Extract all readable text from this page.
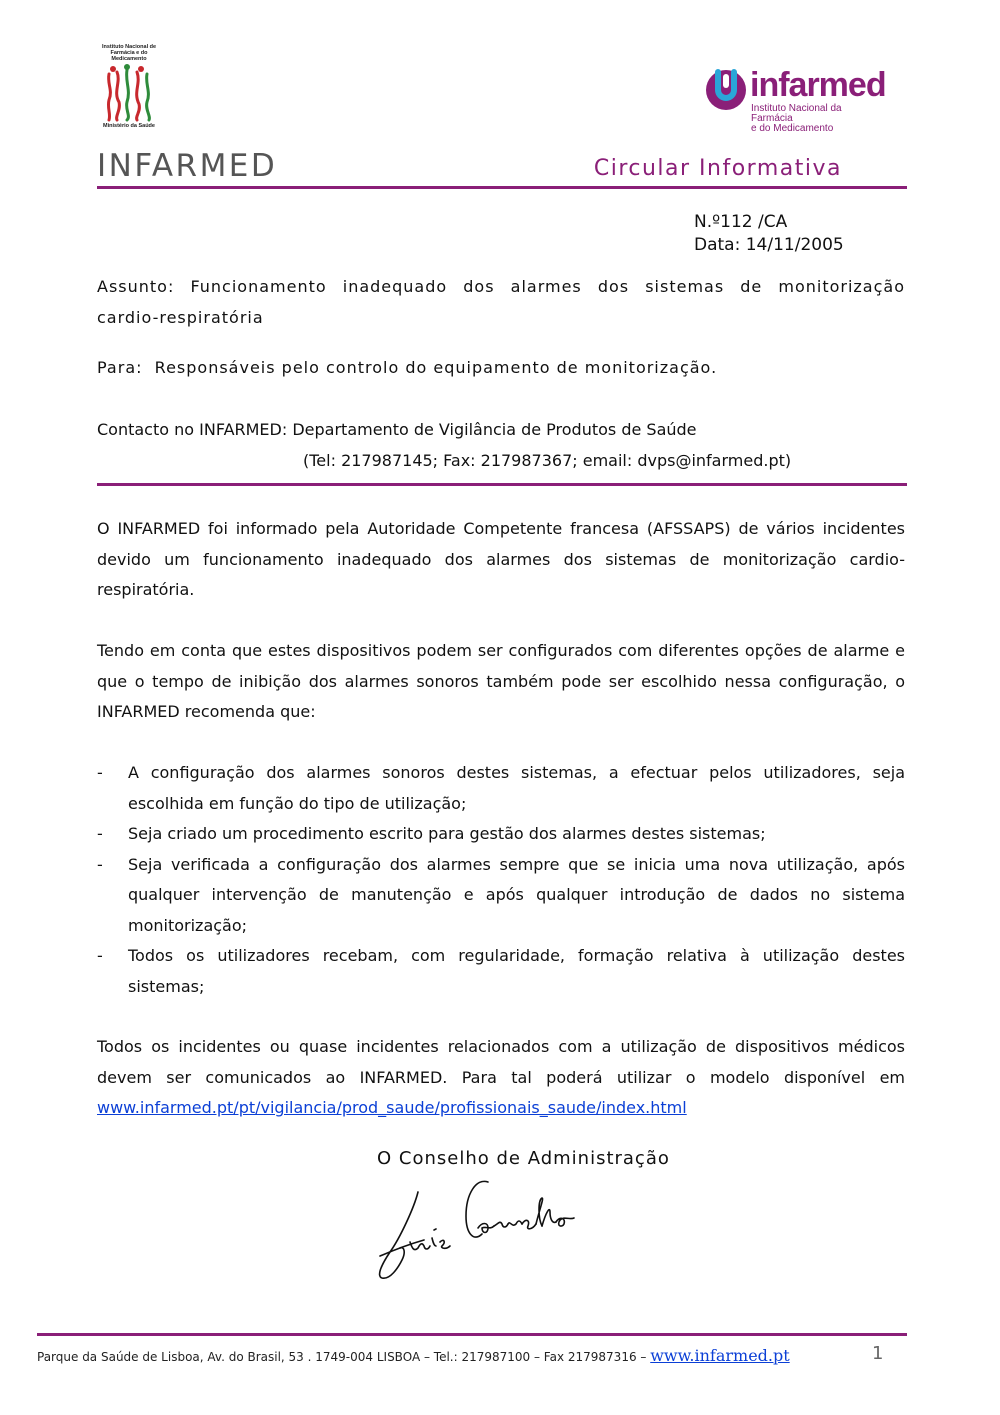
Instituto Nacional de Farmácia e do Medicamento
Ministério da Saúde
infarmed
Instituto Nacional da Farmácia
e do Medicamento
INFARMED	Circular Informativa
N.º112 /CA
Data: 14/11/2005
Assunto: Funcionamento inadequado dos alarmes dos sistemas de monitorização
cardio-respiratória
Para:  Responsáveis pelo controlo do equipamento de monitorização.
Contacto no INFARMED: Departamento de Vigilância de Produtos de Saúde
(Tel: 217987145; Fax: 217987367; email: dvps@infarmed.pt)
O INFARMED foi informado pela Autoridade Competente francesa (AFSSAPS) de vários incidentes devido um funcionamento inadequado dos alarmes dos sistemas de monitorização cardio-respiratória.
Tendo em conta que estes dispositivos podem ser configurados com diferentes opções de alarme e que o tempo de inibição dos alarmes sonoros também pode ser escolhido nessa configuração, o INFARMED recomenda que:
- A configuração dos alarmes sonoros destes sistemas, a efectuar pelos utilizadores, seja escolhida em função do tipo de utilização;
- Seja criado um procedimento escrito para gestão dos alarmes destes sistemas;
- Seja verificada a configuração dos alarmes sempre que se inicia uma nova utilização, após qualquer intervenção de manutenção e após qualquer introdução de dados no sistema monitorização;
- Todos os utilizadores recebam, com regularidade, formação relativa à utilização destes sistemas;
Todos os incidentes ou quase incidentes relacionados com a utilização de dispositivos médicos devem ser comunicados ao INFARMED. Para tal poderá utilizar o modelo disponível em www.infarmed.pt/pt/vigilancia/prod_saude/profissionais_saude/index.html
O Conselho de Administração
Parque da Saúde de Lisboa, Av. do Brasil, 53 . 1749-004 LISBOA – Tel.: 217987100 – Fax 217987316 – www.infarmed.pt	1
